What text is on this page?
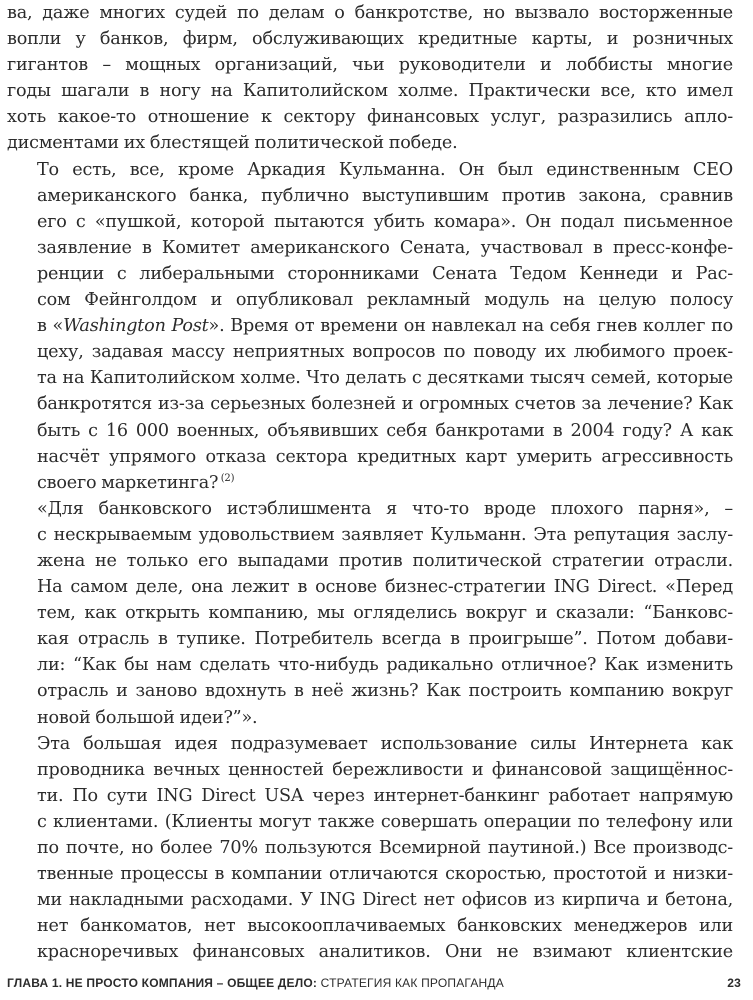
ва, даже многих судей по делам о банкротстве, но вызвало восторженные
вопли у банков, фирм, обслуживающих кредитные карты, и розничных
гигантов – мощных организаций, чьи руководители и лоббисты многие
годы шагали в ногу на Капитолийском холме. Практически все, кто имел
хоть какое-то отношение к сектору финансовых услуг, разразились апло-
дисментами их блестящей политической победе.

То есть, все, кроме Аркадия Кульманна. Он был единственным CEO
американского банка, публично выступившим против закона, сравнив
его с «пушкой, которой пытаются убить комара». Он подал письменное
заявление в Комитет американского Сената, участвовал в пресс-конфе-
ренции с либеральными сторонниками Сената Тедом Кеннеди и Рас-
сом Фейнголдом и опубликовал рекламный модуль на целую полосу
в «Washington Post». Время от времени он навлекал на себя гнев коллег по
цеху, задавая массу неприятных вопросов по поводу их любимого проек-
та на Капитолийском холме. Что делать с десятками тысяч семей, которые
банкротятся из-за серьезных болезней и огромных счетов за лечение? Как
быть с 16 000 военных, объявивших себя банкротами в 2004 году? А как
насчёт упрямого отказа сектора кредитных карт умерить агрессивность
своего маркетинга? $^{(2)}$

«Для банковского истэблишмента я что-то вроде плохого парня», –
с нескрываемым удовольствием заявляет Кульманн. Эта репутация заслу-
жена не только его выпадами против политической стратегии отрасли.
На самом деле, она лежит в основе бизнес-стратегии ING Direct. «Перед
тем, как открыть компанию, мы огляделись вокруг и сказали: “Банковс-
кая отрасль в тупике. Потребитель всегда в проигрыше”. Потом добави-
ли: “Как бы нам сделать что-нибудь радикально отличное? Как изменить
отрасль и заново вдохнуть в неё жизнь? Как построить компанию вокруг
новой большой идеи?”».

Эта большая идея подразумевает использование силы Интернета как
проводника вечных ценностей бережливости и финансовой защищённос-
ти. По сути ING Direct USA через интернет-банкинг работает напрямую
с клиентами. (Клиенты могут также совершать операции по телефону или
по почте, но более 70% пользуются Всемирной паутиной.) Все производс-
твенные процессы в компании отличаются скоростью, простотой и низки-
ми накладными расходами. У ING Direct нет офисов из кирпича и бетона,
нет банкоматов, нет высокооплачиваемых банковских менеджеров или
красноречивых финансовых аналитиков. Они не взимают клиентские

ГЛАВА 1. НЕ ПРОСТО КОМПАНИЯ – ОБЩЕЕ ДЕЛО: СТРАТЕГИЯ КАК ПРОПАГАНДА	23
